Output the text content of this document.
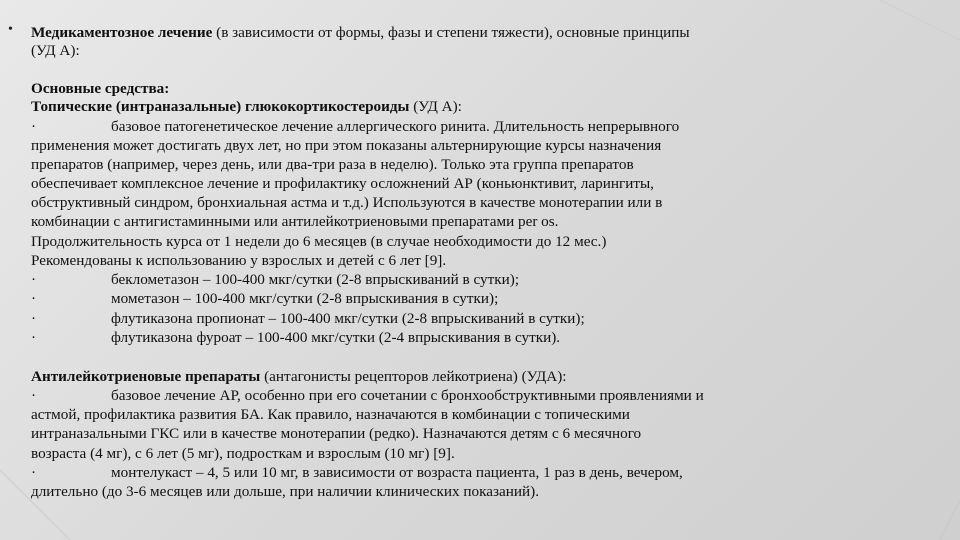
• Медикаментозное лечение (в зависимости от формы, фазы и степени тяжести), основные принципы

(УД А):

Основные средства:

Топические (интраназальные) глюкокортикостероиды (УД А):

·	базовое патогенетическое лечение аллергического ринита. Длительность непрерывного

применения может достигать двух лет, но при этом показаны альтернирующие курсы назначения

препаратов (например, через день, или два-три раза в неделю). Только эта группа препаратов

обеспечивает комплексное лечение и профилактику осложнений АР (коньюнктивит, ларингиты,

обструктивный синдром, бронхиальная астма и т.д.) Используются в качестве монотерапии или в

комбинации с антигистаминными или антилейкотриеновыми препаратами per os.

Продолжительность курса от 1 недели до 6 месяцев (в случае необходимости до 12 мес.)

Рекомендованы к использованию у взрослых и детей с 6 лет [9].

·	беклометазон – 100-400 мкг/сутки (2-8 впрыскиваний в сутки);

·	мометазон – 100-400 мкг/сутки (2-8 впрыскивания в сутки);

·	флутиказона пропионат – 100-400 мкг/сутки (2-8 впрыскиваний в сутки);

·	флутиказона фуроат – 100-400 мкг/сутки (2-4 впрыскивания в сутки).

Антилейкотриеновые препараты (антагонисты рецепторов лейкотриена) (УДА):

·	базовое лечение АР, особенно при его сочетании с бронхообструктивными проявлениями и

астмой, профилактика развития БА. Как правило, назначаются в комбинации с топическими

интраназальными ГКС или в качестве монотерапии (редко). Назначаются детям с 6 месячного

возраста (4 мг), с 6 лет (5 мг), подросткам и взрослым (10 мг) [9].

·	монтелукаст – 4, 5 или 10 мг, в зависимости от возраста пациента, 1 раз в день, вечером,

длительно (до 3-6 месяцев или дольше, при наличии клинических показаний).
